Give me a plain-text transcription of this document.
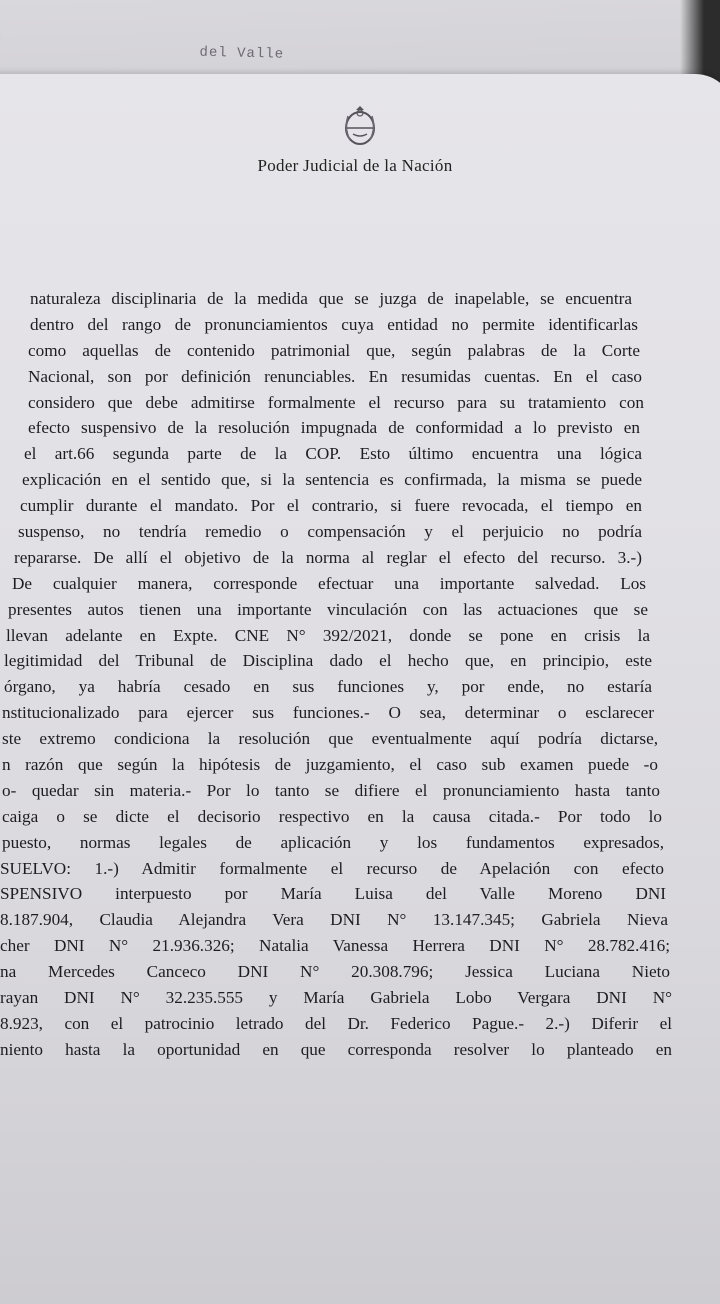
del Valle
Poder Judicial de la Nación
naturaleza disciplinaria de la medida que se juzga de inapelable, se encuentra
dentro del rango de pronunciamientos cuya entidad no permite identificarlas
como aquellas de contenido patrimonial que, según palabras de la Corte
Nacional, son por definición renunciables. En resumidas cuentas. En el caso
considero que debe admitirse formalmente el recurso para su tratamiento con
efecto suspensivo de la resolución impugnada de conformidad a lo previsto en
el art.66 segunda parte de la COP. Esto último encuentra una lógica
explicación en el sentido que, si la sentencia es confirmada, la misma se puede
cumplir durante el mandato. Por el contrario, si fuere revocada, el tiempo en
suspenso, no tendría remedio o compensación y el perjuicio no podría
repararse. De allí el objetivo de la norma al reglar el efecto del recurso. 3.-)
De cualquier manera, corresponde efectuar una importante salvedad. Los
presentes autos tienen una importante vinculación con las actuaciones que se
llevan adelante en Expte. CNE N° 392/2021, donde se pone en crisis la
legitimidad del Tribunal de Disciplina dado el hecho que, en principio, este
órgano, ya habría cesado en sus funciones y, por ende, no estaría
nstitucionalizado para ejercer sus funciones.- O sea, determinar o esclarecer
ste extremo condiciona la resolución que eventualmente aquí podría dictarse,
n razón que según la hipótesis de juzgamiento, el caso sub examen puede -o
o- quedar sin materia.- Por lo tanto se difiere el pronunciamiento hasta tanto
caiga o se dicte el decisorio respectivo en la causa citada.- Por todo lo
puesto, normas legales de aplicación y los fundamentos expresados,
SUELVO: 1.-) Admitir formalmente el recurso de Apelación con efecto
SPENSIVO interpuesto por María Luisa del Valle Moreno DNI
8.187.904, Claudia Alejandra Vera DNI N° 13.147.345; Gabriela Nieva
cher DNI N° 21.936.326; Natalia Vanessa Herrera DNI N° 28.782.416;
na Mercedes Canceco DNI N° 20.308.796; Jessica Luciana Nieto
rayan DNI N° 32.235.555 y María Gabriela Lobo Vergara DNI N°
8.923, con el patrocinio letrado del Dr. Federico Pague.- 2.-) Diferir el
niento hasta la oportunidad en que corresponda resolver lo planteado en
